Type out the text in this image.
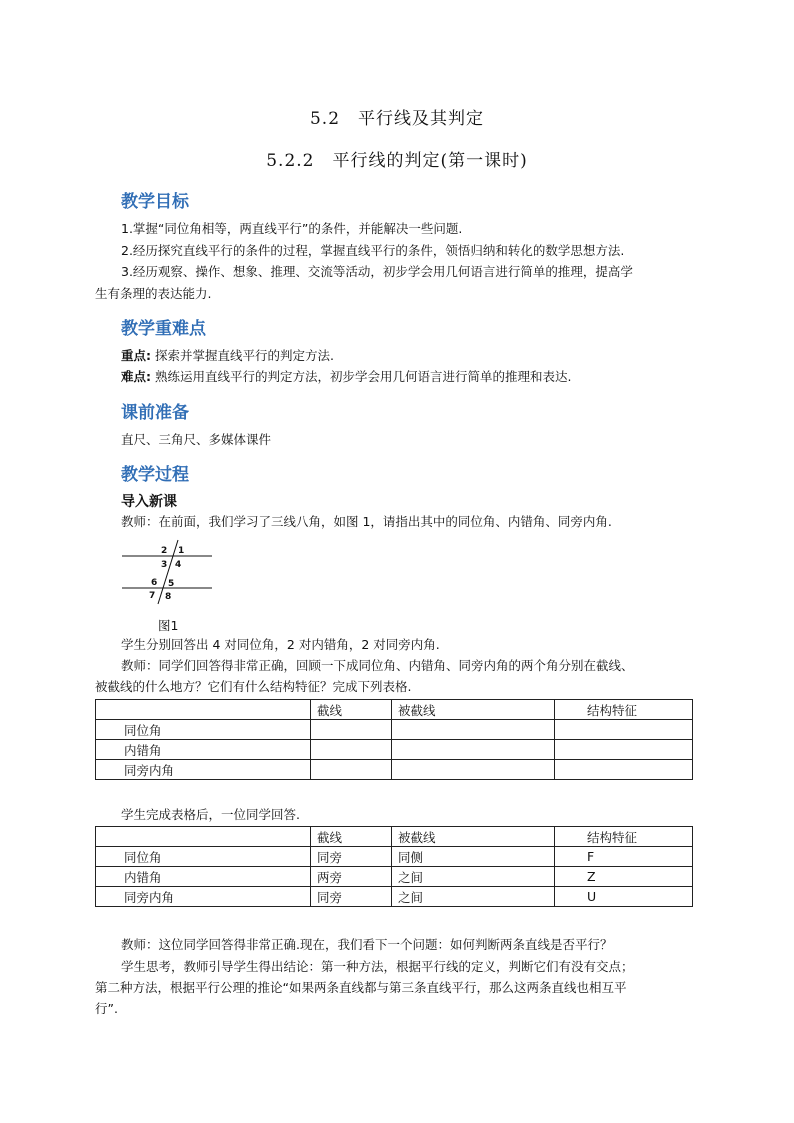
5.2　平行线及其判定
5.2.2　平行线的判定(第一课时)
教学目标
1.掌握“同位角相等，两直线平行”的条件，并能解决一些问题.
2.经历探究直线平行的条件的过程，掌握直线平行的条件，领悟归纳和转化的数学思想方法.
3.经历观察、操作、想象、推理、交流等活动，初步学会用几何语言进行简单的推理，提高学
生有条理的表达能力.
教学重难点
重点: 探索并掌握直线平行的判定方法.
难点: 熟练运用直线平行的判定方法，初步学会用几何语言进行简单的推理和表达.
课前准备
直尺、三角尺、多媒体课件
教学过程
导入新课
教师：在前面，我们学习了三线八角，如图 1，请指出其中的同位角、内错角、同旁内角.
1
2
3 4
5
6
7 8
图1
学生分别回答出 4 对同位角，2 对内错角，2 对同旁内角.
教师：同学们回答得非常正确，回顾一下成同位角、内错角、同旁内角的两个角分别在截线、
被截线的什么地方？它们有什么结构特征？完成下列表格.
	截线	被截线	结构特征
同位角			
内错角			
同旁内角			
学生完成表格后，一位同学回答.
	截线	被截线	结构特征
同位角	同旁	同侧	F
内错角	两旁	之间	Z
同旁内角	同旁	之间	U
教师：这位同学回答得非常正确.现在，我们看下一个问题：如何判断两条直线是否平行？
学生思考，教师引导学生得出结论：第一种方法，根据平行线的定义，判断它们有没有交点；
第二种方法，根据平行公理的推论“如果两条直线都与第三条直线平行，那么这两条直线也相互平
行”.
